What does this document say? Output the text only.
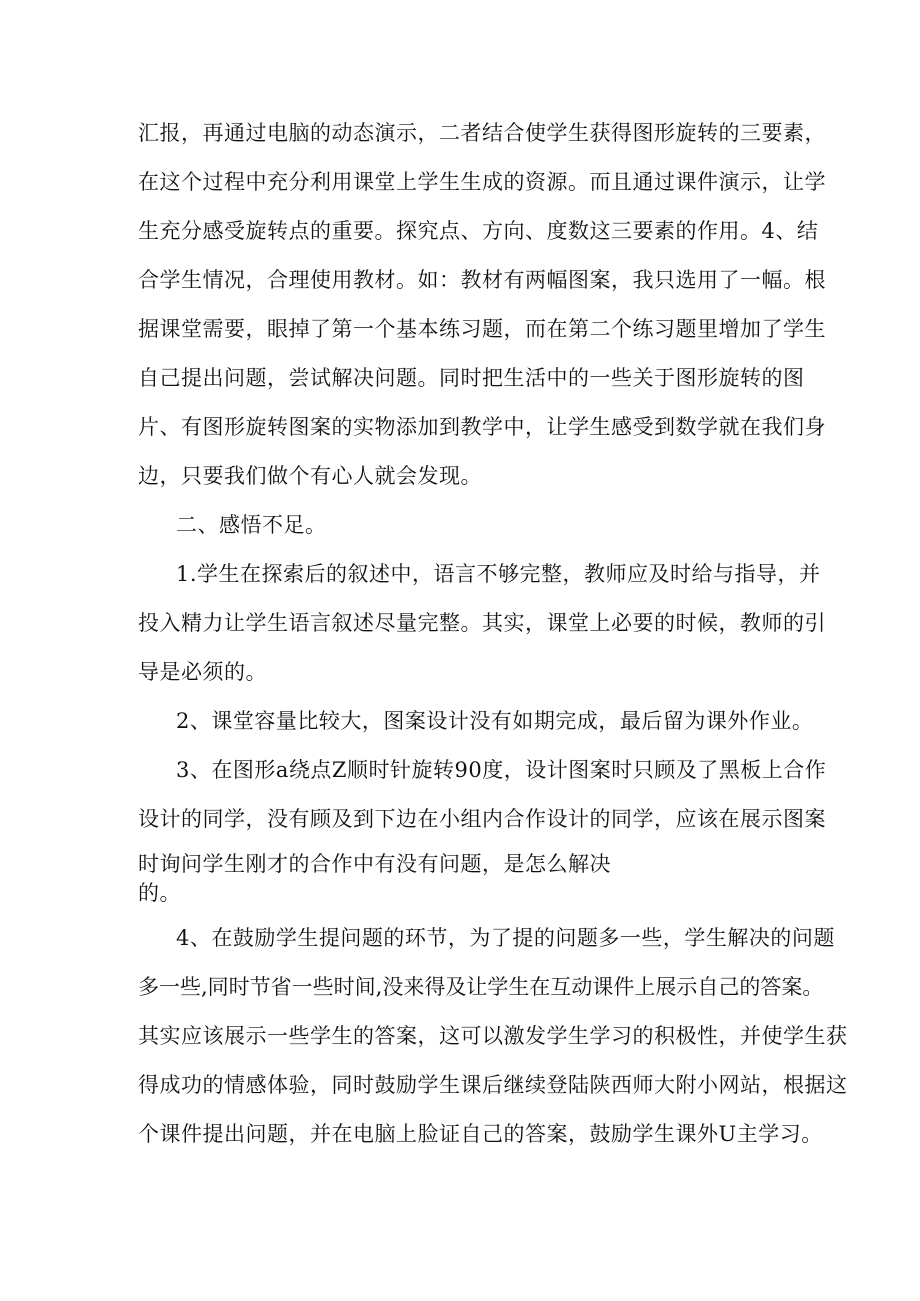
汇报，再通过电脑的动态演示，二者结合使学生获得图形旋转的三要素，
在这个过程中充分利用课堂上学生生成的资源。而且通过课件演示，让学
生充分感受旋转点的重要。探究点、方向、度数这三要素的作用。4、结
合学生情况，合理使用教材。如：教材有两幅图案，我只选用了一幅。根
据课堂需要，眼掉了第一个基本练习题，而在第二个练习题里增加了学生
自己提出问题，尝试解决问题。同时把生活中的一些关于图形旋转的图
片、有图形旋转图案的实物添加到教学中，让学生感受到数学就在我们身
边，只要我们做个有心人就会发现。
二、感悟不足。
1.学生在探索后的叙述中，语言不够完整，教师应及时给与指导，并
投入精力让学生语言叙述尽量完整。其实，课堂上必要的时候，教师的引
导是必须的。
2、课堂容量比较大，图案设计没有如期完成，最后留为课外作业。
3、在图形a绕点Z顺时针旋转90度，设计图案时只顾及了黑板上合作
设计的同学，没有顾及到下边在小组内合作设计的同学，应该在展示图案
时询问学生刚才的合作中有没有问题，是怎么解决
的。
4、在鼓励学生提问题的环节，为了提的问题多一些，学生解决的问题
多一些,同时节省一些时间,没来得及让学生在互动课件上展示自己的答案。
其实应该展示一些学生的答案，这可以激发学生学习的积极性，并使学生获
得成功的情感体验，同时鼓励学生课后继续登陆陕西师大附小网站，根据这
个课件提出问题，并在电脑上脸证自己的答案，鼓励学生课外U主学习。
